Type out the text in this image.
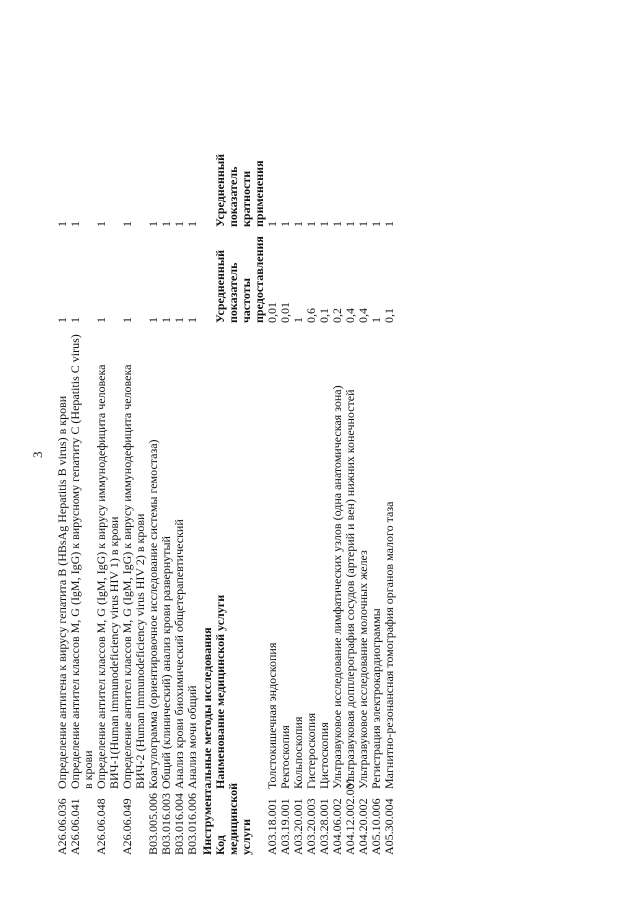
3
A26.06.036
Определение антигена к вирусу гепатита B (HBsAg Hepatitis B virus) в крови
1
1
A26.06.041
Определение антител классов M, G (IgM, IgG) к вирусному гепатиту C (Hepatitis C virus) в крови
1
1
A26.06.048
Определение антител классов M, G (IgM, IgG) к вирусу иммунодефицита человека ВИЧ-1(Human immunodeficiency virus HIV 1) в крови
1
1
A26.06.049
Определение антител классов M, G (IgM, IgG) к вирусу иммунодефицита человека ВИЧ-2 (Human immunodeficiency virus HIV 2) в крови
1
1
B03.005.006
Коагулограмма (ориентировочное исследование системы гемостаза)
1
1
B03.016.003
Общий (клинический) анализ крови развернутый
1
1
B03.016.004
Анализ крови биохимический общетерапевтический
1
1
B03.016.006
Анализ мочи общий
1
1
Инструментальные методы исследования Код медицинской услуги
Наименование медицинской услуги
Усредненный показатель частоты предоставления
Усредненный показатель кратности применения
A03.18.001
Толстокишечная эндоскопия
0,01
1
A03.19.001
Ректоскопия
0,01
1
A03.20.001
Кольпоскопия
1
1
A03.20.003
Гистероскопия
0,6
1
A03.28.001
Цистоскопия
0,1
1
A04.06.002
Ультразвуковое исследование лимфатических узлов (одна анатомическая зона)
0,2
1
A04.12.002.001
Ультразвуковая допплерография сосудов (артерий и вен) нижних конечностей
0,4
1
A04.20.002
Ультразвуковое исследование молочных желез
0,4
1
A05.10.006
Регистрация электрокардиограммы
1
1
A05.30.004
Магнитно-резонансная томография органов малого таза
0,1
1
